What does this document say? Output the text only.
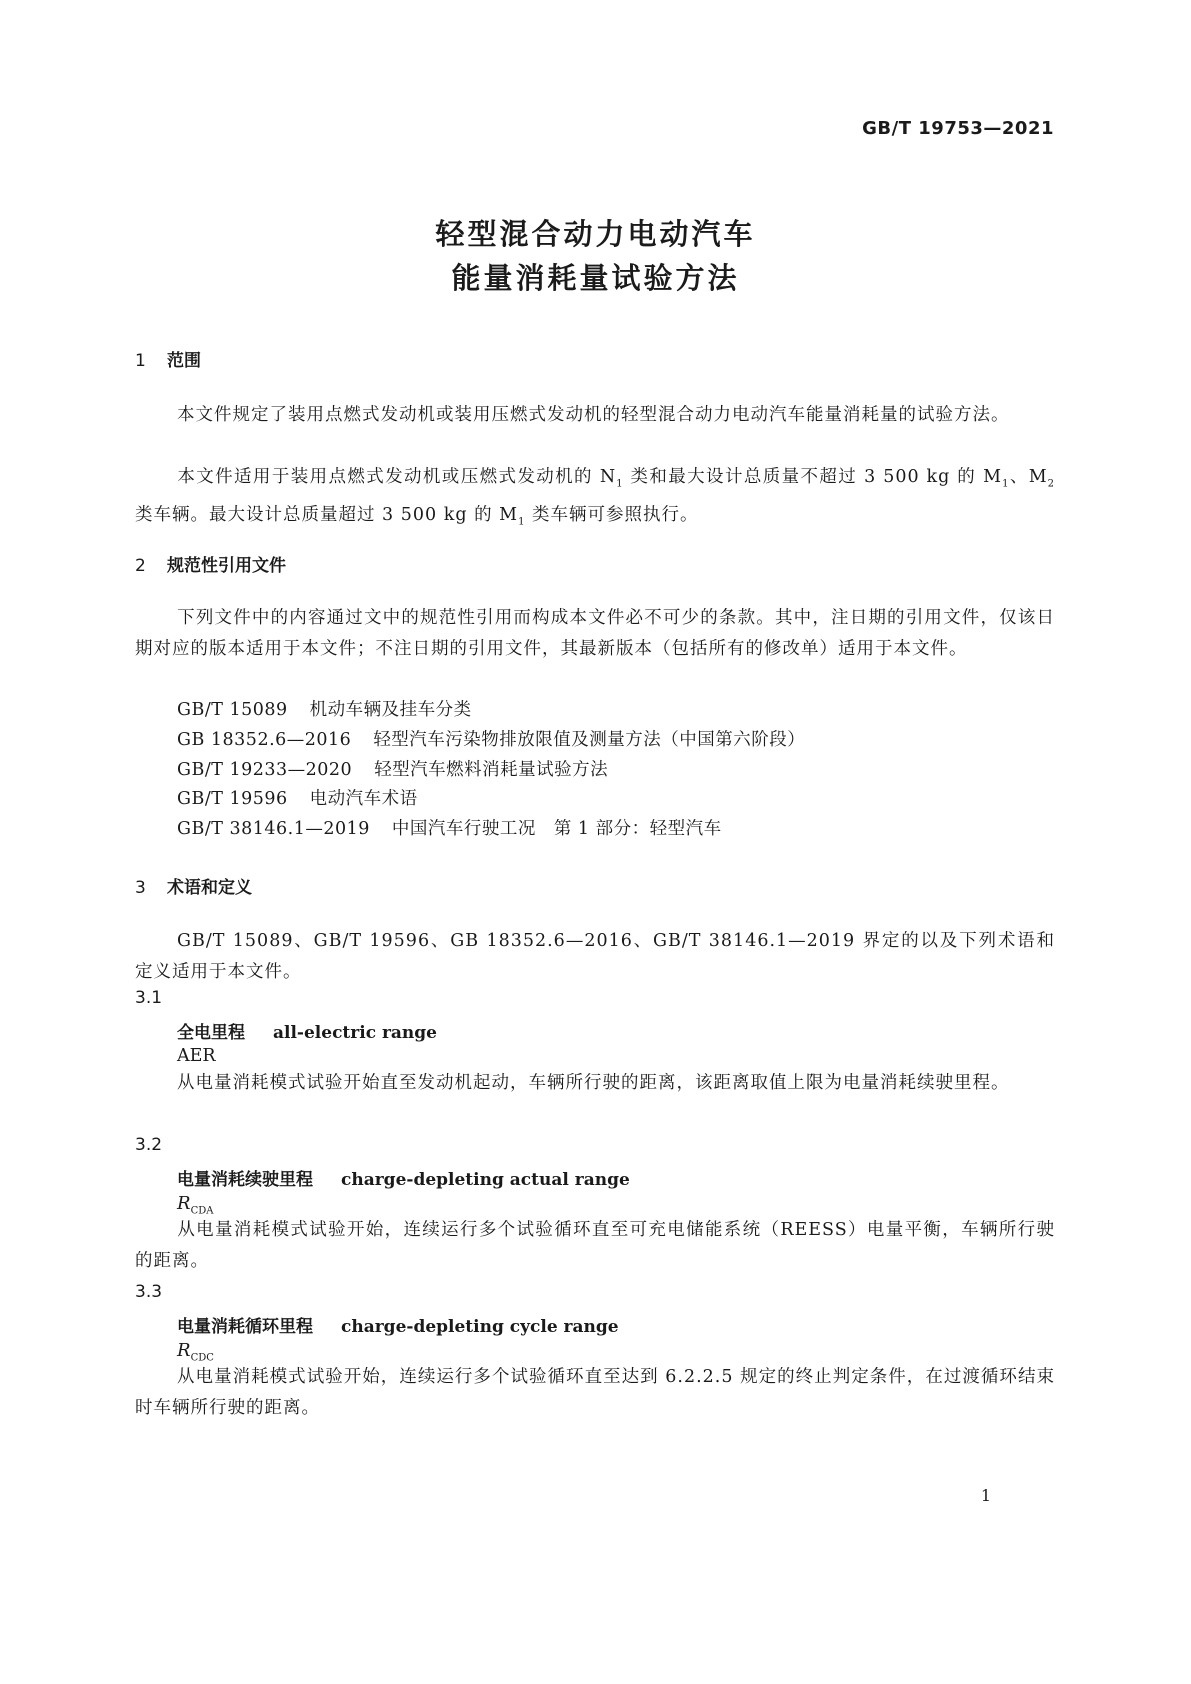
GB/T 19753—2021
轻型混合动力电动汽车
能量消耗量试验方法
1 范围
本文件规定了装用点燃式发动机或装用压燃式发动机的轻型混合动力电动汽车能量消耗量的试验方法。
本文件适用于装用点燃式发动机或压燃式发动机的 $N_1$ 类和最大设计总质量不超过 3 500 kg 的 $M_1$、$M_2$ 类车辆。最大设计总质量超过 3 500 kg 的 $M_1$ 类车辆可参照执行。
2 规范性引用文件
下列文件中的内容通过文中的规范性引用而构成本文件必不可少的条款。其中，注日期的引用文件，仅该日期对应的版本适用于本文件；不注日期的引用文件，其最新版本（包括所有的修改单）适用于本文件。
GB/T 15089 机动车辆及挂车分类
GB 18352.6—2016 轻型汽车污染物排放限值及测量方法（中国第六阶段）
GB/T 19233—2020 轻型汽车燃料消耗量试验方法
GB/T 19596 电动汽车术语
GB/T 38146.1—2019 中国汽车行驶工况　第 1 部分：轻型汽车
3 术语和定义
GB/T 15089、GB/T 19596、GB 18352.6—2016、GB/T 38146.1—2019 界定的以及下列术语和定义适用于本文件。
3.1
全电里程 all-electric range
AER
从电量消耗模式试验开始直至发动机起动，车辆所行驶的距离，该距离取值上限为电量消耗续驶里程。
3.2
电量消耗续驶里程 charge-depleting actual range
$R_{CDA}$
从电量消耗模式试验开始，连续运行多个试验循环直至可充电储能系统（REESS）电量平衡，车辆所行驶的距离。
3.3
电量消耗循环里程 charge-depleting cycle range
$R_{CDC}$
从电量消耗模式试验开始，连续运行多个试验循环直至达到 6.2.2.5 规定的终止判定条件，在过渡循环结束时车辆所行驶的距离。
1
